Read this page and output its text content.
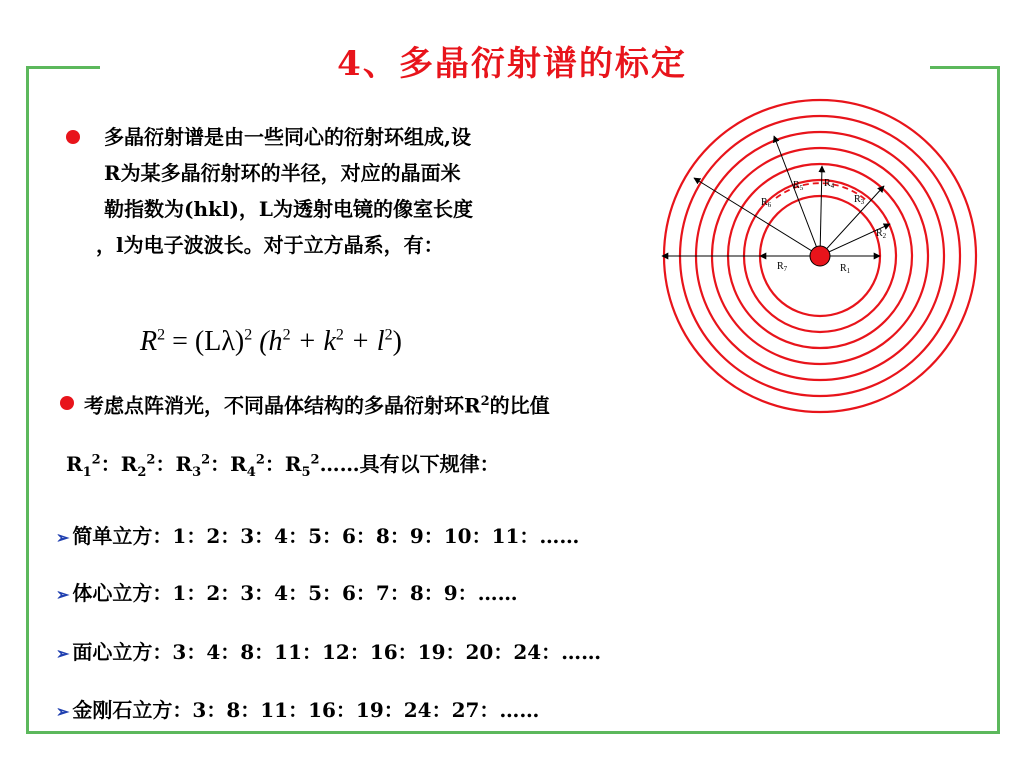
4、多晶衍射谱的标定
多晶衍射谱是由一些同心的衍射环组成,设
R为某多晶衍射环的半径，对应的晶面米
勒指数为(hkl)，L为透射电镜的像室长度
，l为电子波波长。对于立方晶系，有：
$R^2 = (L\lambda)^2$ $(h^2 + k^2 + l^2)$
考虑点阵消光，不同晶体结构的多晶衍射环$R^2$的比值
$R_1^2$：$R_2^2$：$R_3^2$：$R_4^2$：$R_5^2\dots\dots$具有以下规律：
➢ 简单立方：1：2：3：4：5：6：8：9：10：11：……
➢ 体心立方：1：2：3：4：5：6：7：8：9：……
➢ 面心立方：3：4：8：11：12：16：19：20：24：……
➢ 金刚石立方：3：8：11：16：19：24：27：……
$R_1$
$R_2$
$R_3$
$R_4$
$R_5$
$R_6$
$R_7$
